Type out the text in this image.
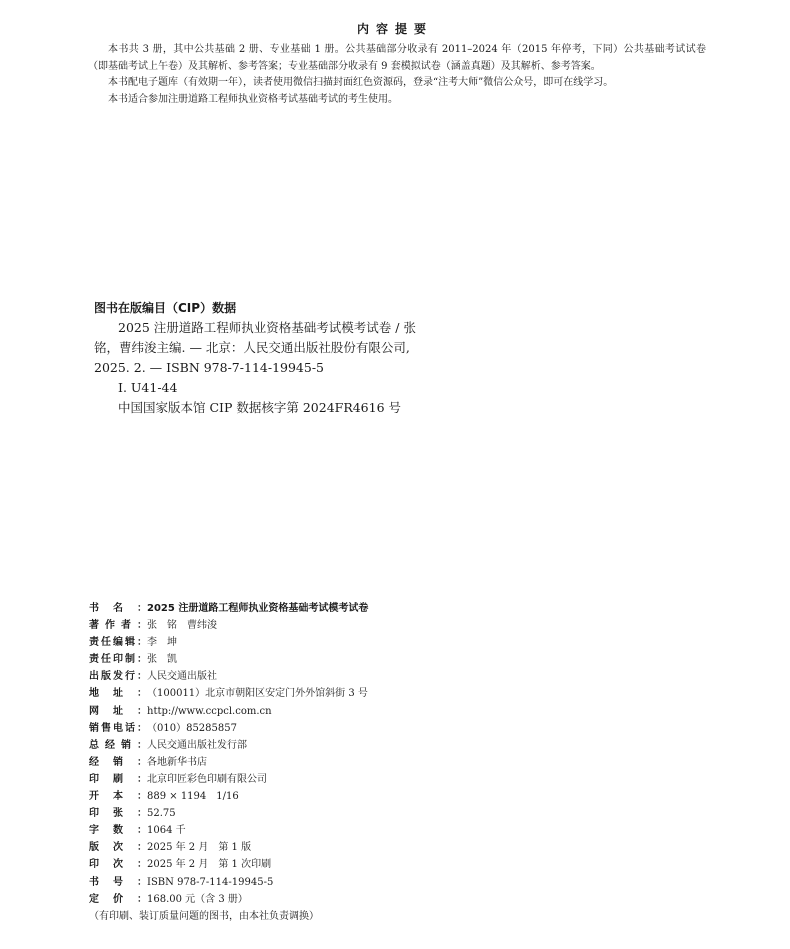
内容提要

本书共 3 册，其中公共基础 2 册、专业基础 1 册。公共基础部分收录有 2011–2024 年（2015 年停考，下同）公共基础考试试卷（即基础考试上午卷）及其解析、参考答案；专业基础部分收录有 9 套模拟试卷（涵盖真题）及其解析、参考答案。

本书配电子题库（有效期一年），读者使用微信扫描封面红色资源码，登录“注考大师”微信公众号，即可在线学习。

本书适合参加注册道路工程师执业资格考试基础考试的考生使用。

图书在版编目（CIP）数据

2025 注册道路工程师执业资格基础考试模考试卷 / 张铭，曹纬浚主编. — 北京：人民交通出版社股份有限公司, 2025. 2. — ISBN 978-7-114-19945-5

Ⅰ. U41-44

中国国家版本馆 CIP 数据核字第 2024FR4616 号

书名： 2025 注册道路工程师执业资格基础考试模考试卷
著作者： 张　铭　曹纬浚
责任编辑： 李　坤
责任印制： 张　凯
出版发行： 人民交通出版社
地址： （100011）北京市朝阳区安定门外外馆斜街 3 号
网址： http://www.ccpcl.com.cn
销售电话： （010）85285857
总经销： 人民交通出版社发行部
经销： 各地新华书店
印刷： 北京印匠彩色印刷有限公司
开本： 889 × 1194　1/16
印张： 52.75
字数： 1064 千
版次： 2025 年 2 月　第 1 版
印次： 2025 年 2 月　第 1 次印刷
书号： ISBN 978-7-114-19945-5
定价： 168.00 元（含 3 册）
（有印刷、装订质量问题的图书，由本社负责调换）
